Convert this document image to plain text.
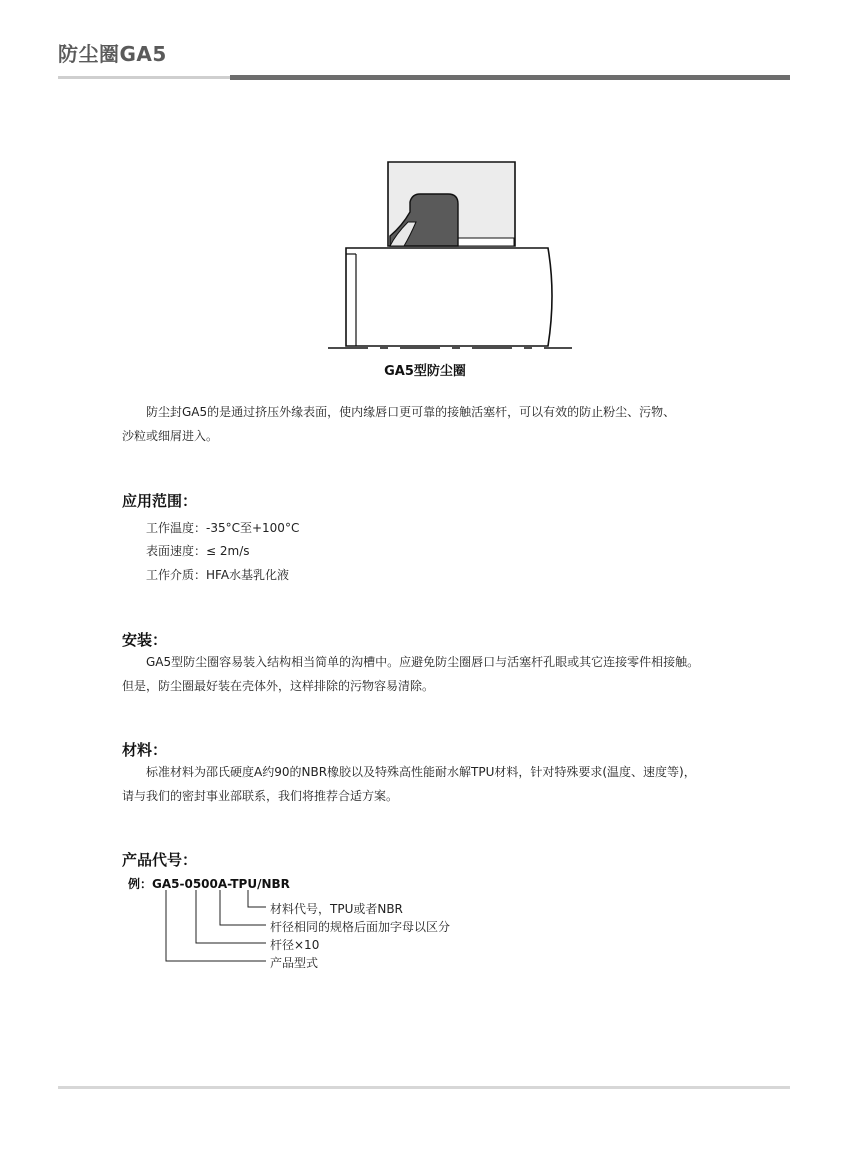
防尘圈GA5
GA5型防尘圈
防尘封GA5的是通过挤压外缘表面，使内缘唇口更可靠的接触活塞杆，可以有效的防止粉尘、污物、
沙粒或细屑进入。
应用范围：
工作温度：-35°C至+100°C
表面速度：≤ 2m/s
工作介质：HFA水基乳化液
安装：
GA5型防尘圈容易装入结构相当简单的沟槽中。应避免防尘圈唇口与活塞杆孔眼或其它连接零件相接触。
但是，防尘圈最好装在壳体外，这样排除的污物容易清除。
材料：
标准材料为邵氏硬度A约90的NBR橡胶以及特殊高性能耐水解TPU材料，针对特殊要求(温度、速度等)，
请与我们的密封事业部联系，我们将推荐合适方案。
产品代号：
例：GA5-0500A-TPU/NBR
材料代号，TPU或者NBR
杆径相同的规格后面加字母以区分
杆径×10
产品型式
